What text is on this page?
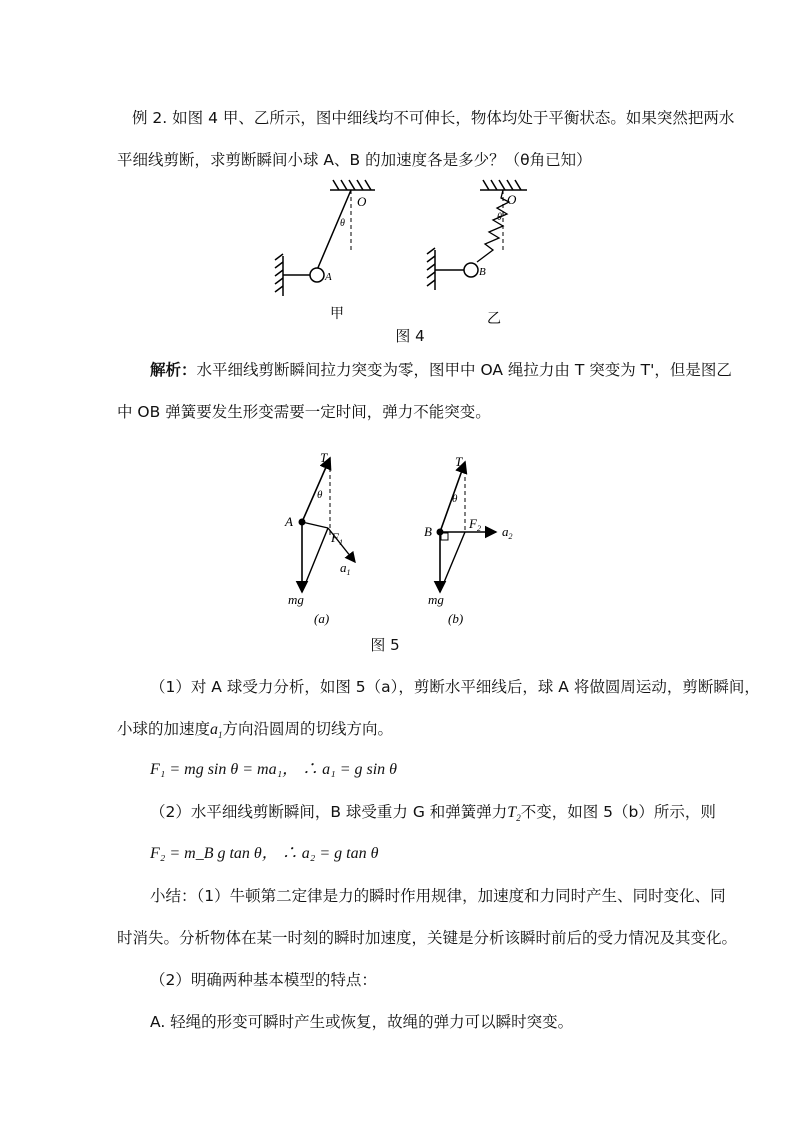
例 2. 如图 4 甲、乙所示，图中细线均不可伸长，物体均处于平衡状态。如果突然把两水
平细线剪断，求剪断瞬间小球 A、B 的加速度各是多少？（θ角已知）
O
θ
A
O
θ
B
甲	乙
图 4
解析：水平细线剪断瞬间拉力突变为零，图甲中 OA 绳拉力由 T 突变为 T'，但是图乙
中 OB 弹簧要发生形变需要一定时间，弹力不能突变。
$T_1$
θ
A
$F_1$
$a_1$
mg
(a)
$T_2$
θ
B
$F_2$ $a_2$
mg
(b)
图 5
（1）对 A 球受力分析，如图 5（a），剪断水平细线后，球 A 将做圆周运动，剪断瞬间，
小球的加速度$a_1$方向沿圆周的切线方向。
F₁ = mg sin θ = ma₁， ∴ a₁ = g sin θ
（2）水平细线剪断瞬间，B 球受重力 G 和弹簧弹力$T_2$不变，如图 5（b）所示，则
F₂ = m_B g tan θ， ∴ a₂ = g tan θ
小结：（1）牛顿第二定律是力的瞬时作用规律，加速度和力同时产生、同时变化、同
时消失。分析物体在某一时刻的瞬时加速度，关键是分析该瞬时前后的受力情况及其变化。
（2）明确两种基本模型的特点：
A. 轻绳的形变可瞬时产生或恢复，故绳的弹力可以瞬时突变。
